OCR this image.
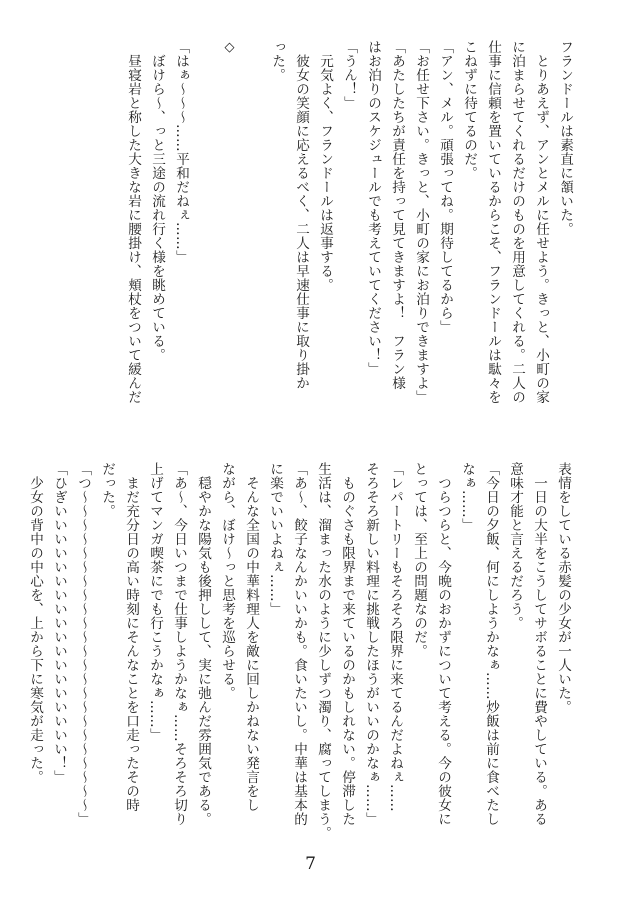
フランドールは素直に頷いた。

　とりあえず、アンとメルに任せよう。きっと、小町の家

に泊まらせてくれるだけのものを用意してくれる。二人の

仕事に信頼を置いているからこそ、フランドールは駄々を

こねずに待てるのだ。

「アン、メル。頑張ってね。期待してるから」

「お任せ下さい。きっと、小町の家にお泊りできますよ」

「あたしたちが責任を持って見てきますよ！　フラン様

はお泊りのスケジュールでも考えていてください！」

「うん！」

　元気よく、フランドールは返事する。

　彼女の笑顔に応えるべく、二人は早速仕事に取り掛か

った。

◇

「はぁ〜〜〜……平和だねぇ……」

　ぼけら〜、っと三途の流れ行く様を眺めている。

　昼寝岩と称した大きな岩に腰掛け、頬杖をついて緩んだ

表情をしている赤髪の少女が一人いた。

　一日の大半をこうしてサボることに費やしている。ある

意味才能と言えるだろう。

「今日の夕飯、何にしようかなぁ……炒飯は前に食べたし

なぁ……」

　つらつらと、今晩のおかずについて考える。今の彼女に

とっては、至上の問題なのだ。

「レパートリーもそろそろ限界に来てるんだよねぇ……

そろそろ新しい料理に挑戦したほうがいいのかなぁ……」

　ものぐさも限界まで来ているのかもしれない。停滞した

生活は、溜まった水のように少しずつ濁り、腐ってしまう。

「あ〜、餃子なんかいいかも。食いたいし。中華は基本的

に楽でいいよねぇ……」

　そんな全国の中華料理人を敵に回しかねない発言をし

ながら、ぼけ〜っと思考を巡らせる。

　穏やかな陽気も後押しして、実に弛んだ雰囲気である。

「あ〜、今日いつまで仕事しようかなぁ……そろそろ切り

上げてマンガ喫茶にでも行こうかなぁ……」

　まだ充分日の高い時刻にそんなことを口走ったその時

だった。

「つ〜〜〜〜〜〜〜〜〜〜〜〜〜〜〜〜〜〜〜〜〜〜〜」

「ひぎいいいいいいいいいいいいいいいいいい！」

　少女の背中の中心を、上から下に寒気が走った。

7
